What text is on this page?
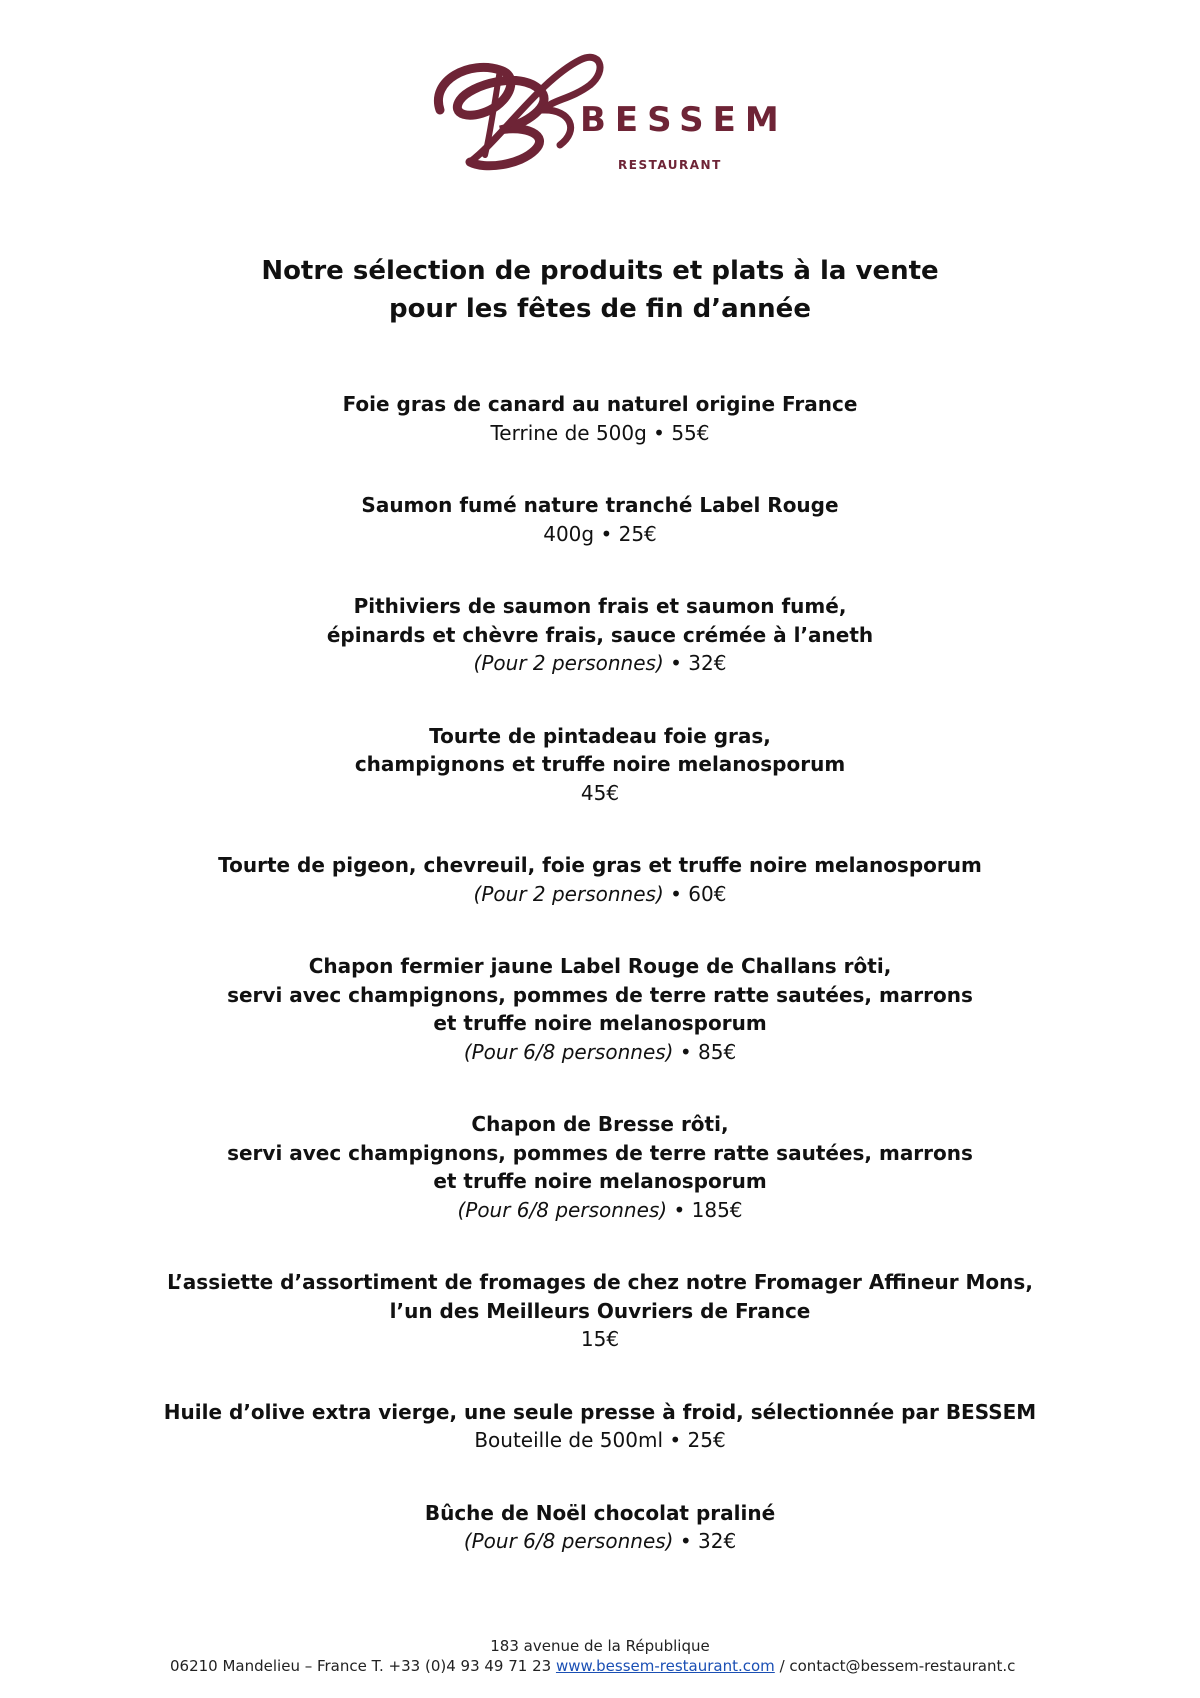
BESSEM
RESTAURANT
Notre sélection de produits et plats à la vente
pour les fêtes de fin d’année
Foie gras de canard au naturel origine France
Terrine de 500g • 55€
Saumon fumé nature tranché Label Rouge
400g • 25€
Pithiviers de saumon frais et saumon fumé,
épinards et chèvre frais, sauce crémée à l’aneth
(Pour 2 personnes) • 32€
Tourte de pintadeau foie gras,
champignons et truffe noire melanosporum
45€
Tourte de pigeon, chevreuil, foie gras et truffe noire melanosporum
(Pour 2 personnes) • 60€
Chapon fermier jaune Label Rouge de Challans rôti,
servi avec champignons, pommes de terre ratte sautées, marrons
et truffe noire melanosporum
(Pour 6/8 personnes) • 85€
Chapon de Bresse rôti,
servi avec champignons, pommes de terre ratte sautées, marrons
et truffe noire melanosporum
(Pour 6/8 personnes) • 185€
L’assiette d’assortiment de fromages de chez notre Fromager Affineur Mons,
l’un des Meilleurs Ouvriers de France
15€
Huile d’olive extra vierge, une seule presse à froid, sélectionnée par BESSEM
Bouteille de 500ml • 25€
Bûche de Noël chocolat praliné
(Pour 6/8 personnes) • 32€
183 avenue de la République
06210 Mandelieu – France T. +33 (0)4 93 49 71 23 www.bessem-restaurant.com / contact@bessem-restaurant.c
